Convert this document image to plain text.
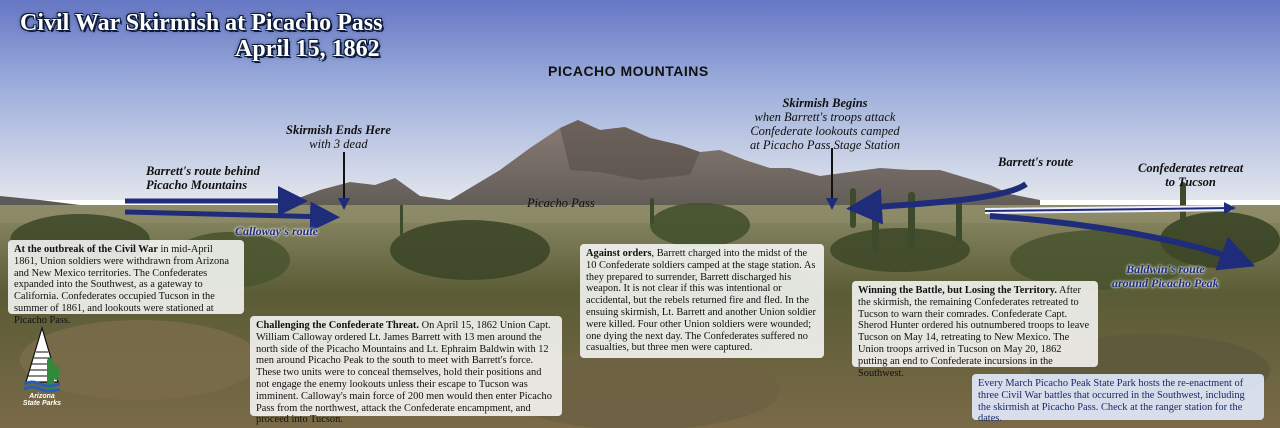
Civil War Skirmish at Picacho Pass
April 15, 1862
PICACHO MOUNTAINS
Skirmish Ends Here
with 3 dead
Skirmish Begins
when Barrett's troops attack
Confederate lookouts camped
at Picacho Pass Stage Station
Barrett's route behind
Picacho Mountains
Picacho Pass
Calloway's route
Barrett's route	Confederates retreat
to Tucson
Baldwin's route
around Picacho Peak
At the outbreak of the Civil War in mid-April 1861, Union soldiers were withdrawn from Arizona and New Mexico territories. The Confederates expanded into the Southwest, as a gateway to California. Confederates occupied Tucson in the summer of 1861, and lookouts were stationed at Picacho Pass.	Challenging the Confederate Threat. On April 15, 1862 Union Capt. William Calloway ordered Lt. James Barrett with 13 men around the north side of the Picacho Mountains and Lt. Ephraim Baldwin with 12 men around Picacho Peak to the south to meet with Barrett's force. These two units were to conceal themselves, hold their positions and not engage the enemy lookouts unless their escape to Tucson was imminent. Calloway's main force of 200 men would then enter Picacho Pass from the northwest, attack the Confederate encampment, and proceed into Tucson.
Against orders, Barrett charged into the midst of the 10 Confederate soldiers camped at the stage station. As they prepared to surrender, Barrett discharged his weapon. It is not clear if this was intentional or accidental, but the rebels returned fire and fled. In the ensuing skirmish, Lt. Barrett and another Union soldier were killed. Four other Union soldiers were wounded; one dying the next day. The Confederates suffered no casualties, but three men were captured.
Winning the Battle, but Losing the Territory. After the skirmish, the remaining Confederates retreated to Tucson to warn their comrades. Confederate Capt. Sherod Hunter ordered his outnumbered troops to leave Tucson on May 14, retreating to New Mexico. The Union troops arrived in Tucson on May 20, 1862 putting an end to Confederate incursions in the Southwest.
Every March Picacho Peak State Park hosts the re-enactment of three Civil War battles that occurred in the Southwest, including the skirmish at Picacho Pass. Check at the ranger station for the dates.
Arizona
State Parks
